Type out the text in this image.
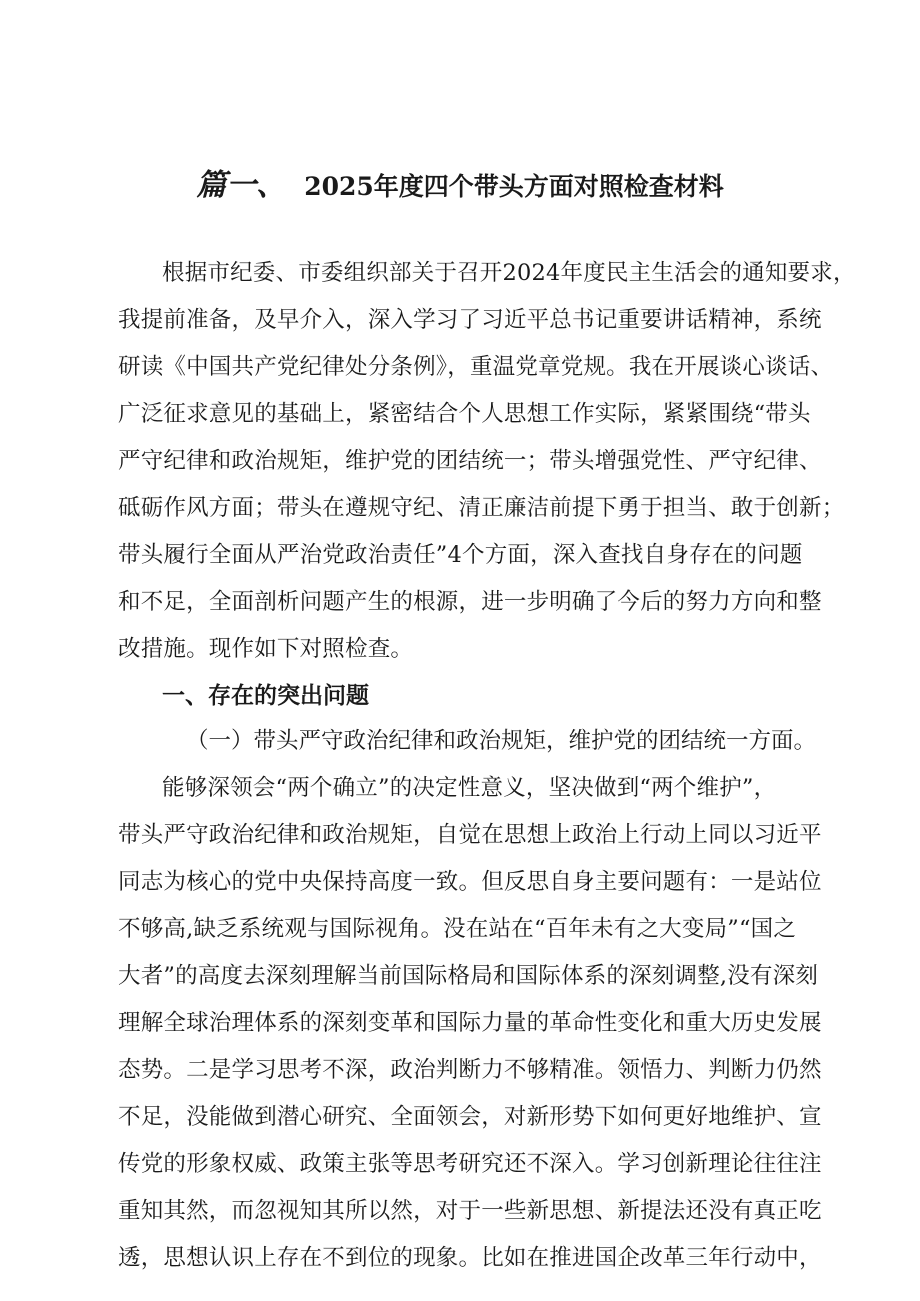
篇一、 2025年度四个带头方面对照检查材料
根据市纪委、市委组织部关于召开2024年度民主生活会的通知要求，
我提前准备，及早介入，深入学习了习近平总书记重要讲话精神，系统
研读《中国共产党纪律处分条例》，重温党章党规。我在开展谈心谈话、
广泛征求意见的基础上，紧密结合个人思想工作实际，紧紧围绕“带头
严守纪律和政治规矩，维护党的团结统一；带头增强党性、严守纪律、
砥砺作风方面；带头在遵规守纪、清正廉洁前提下勇于担当、敢于创新；
带头履行全面从严治党政治责任”4个方面，深入查找自身存在的问题
和不足，全面剖析问题产生的根源，进一步明确了今后的努力方向和整
改措施。现作如下对照检查。
一、存在的突出问题
（一）带头严守政治纪律和政治规矩，维护党的团结统一方面。
能够深领会“两个确立”的决定性意义，坚决做到“两个维护”，
带头严守政治纪律和政治规矩，自觉在思想上政治上行动上同以习近平
同志为核心的党中央保持高度一致。但反思自身主要问题有：一是站位
不够高,缺乏系统观与国际视角。没在站在“百年未有之大变局”“国之
大者”的高度去深刻理解当前国际格局和国际体系的深刻调整,没有深刻
理解全球治理体系的深刻变革和国际力量的革命性变化和重大历史发展
态势。二是学习思考不深，政治判断力不够精准。领悟力、判断力仍然
不足，没能做到潜心研究、全面领会，对新形势下如何更好地维护、宣
传党的形象权威、政策主张等思考研究还不深入。学习创新理论往往注
重知其然，而忽视知其所以然，对于一些新思想、新提法还没有真正吃
透，思想认识上存在不到位的现象。比如在推进国企改革三年行动中，
